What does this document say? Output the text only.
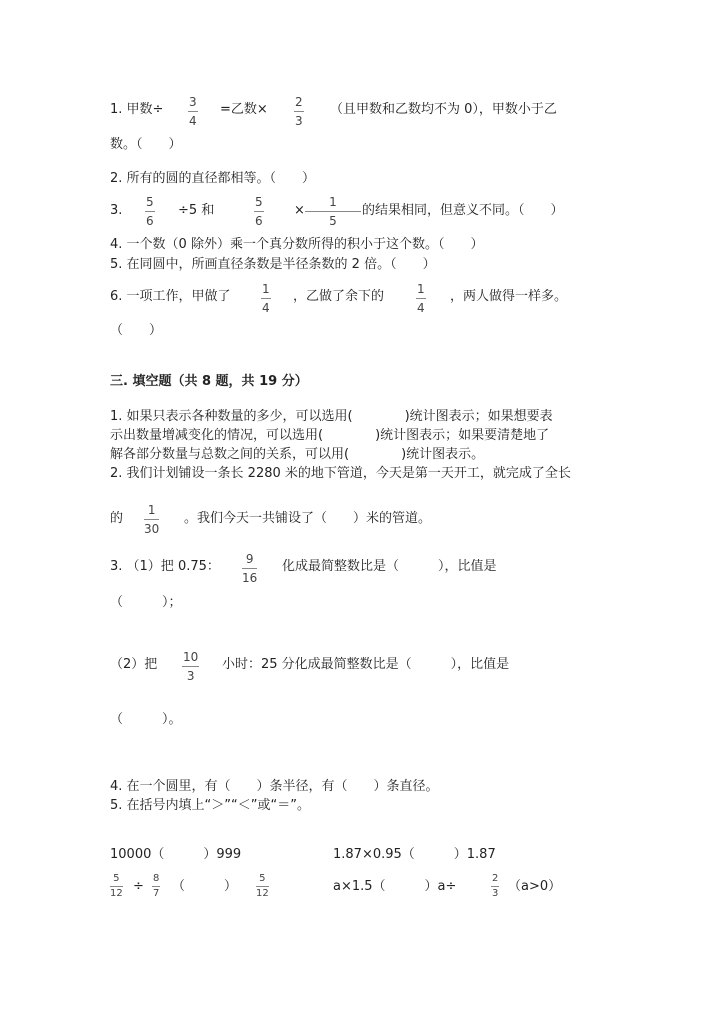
1. 甲数÷ $\frac{3}{4}$ =乙数× $\frac{2}{3}$ （且甲数和乙数均不为 0），甲数小于乙
数。（　　）
2. 所有的圆的直径都相等。（　　）
3. $\frac{5}{6} \div 5$ 和	$\frac{5}{6} \times \frac{1}{5}$ 的结果相同，但意义不同。（　　）
4. 一个数（0 除外）乘一个真分数所得的积小于这个数。（　　）
5. 在同圆中，所画直径条数是半径条数的 2 倍。（　　）
6. 一项工作，甲做了	$\frac{1}{4}$ ，乙做了余下的	$\frac{1}{4}$ ，两人做得一样多。
（　　）
三. 填空题（共 8 题，共 19 分）
1. 如果只表示各种数量的多少，可以选用(　　　　)统计图表示；如果想要表
示出数量增减变化的情况，可以选用(　　　　)统计图表示；如果要清楚地了
解各部分数量与总数之间的关系，可以用(　　　　)统计图表示。
2. 我们计划铺设一条长 2280 米的地下管道，今天是第一天开工，就完成了全长
的 $\frac{1}{30}$ 。我们今天一共铺设了（　　）米的管道。
3. （1）把 0.75： $\frac{9}{16}$ 化成最简整数比是（　　　），比值是
（　　　）；
（2）把 $\frac{10}{3}$ 小时：25 分化成最简整数比是（　　　），比值是
（　　　）。
4. 在一个圆里，有（　　）条半径，有（　　）条直径。
5. 在括号内填上“＞”“＜”或“＝”。
10000（　　　）999	1.87×0.95（　　　）1.87
$\frac{5}{12} \div \frac{8}{7}$ （　　　） $\frac{5}{12}$	a×1.5（　　　）a÷	$\frac{2}{3} (a>0)$
